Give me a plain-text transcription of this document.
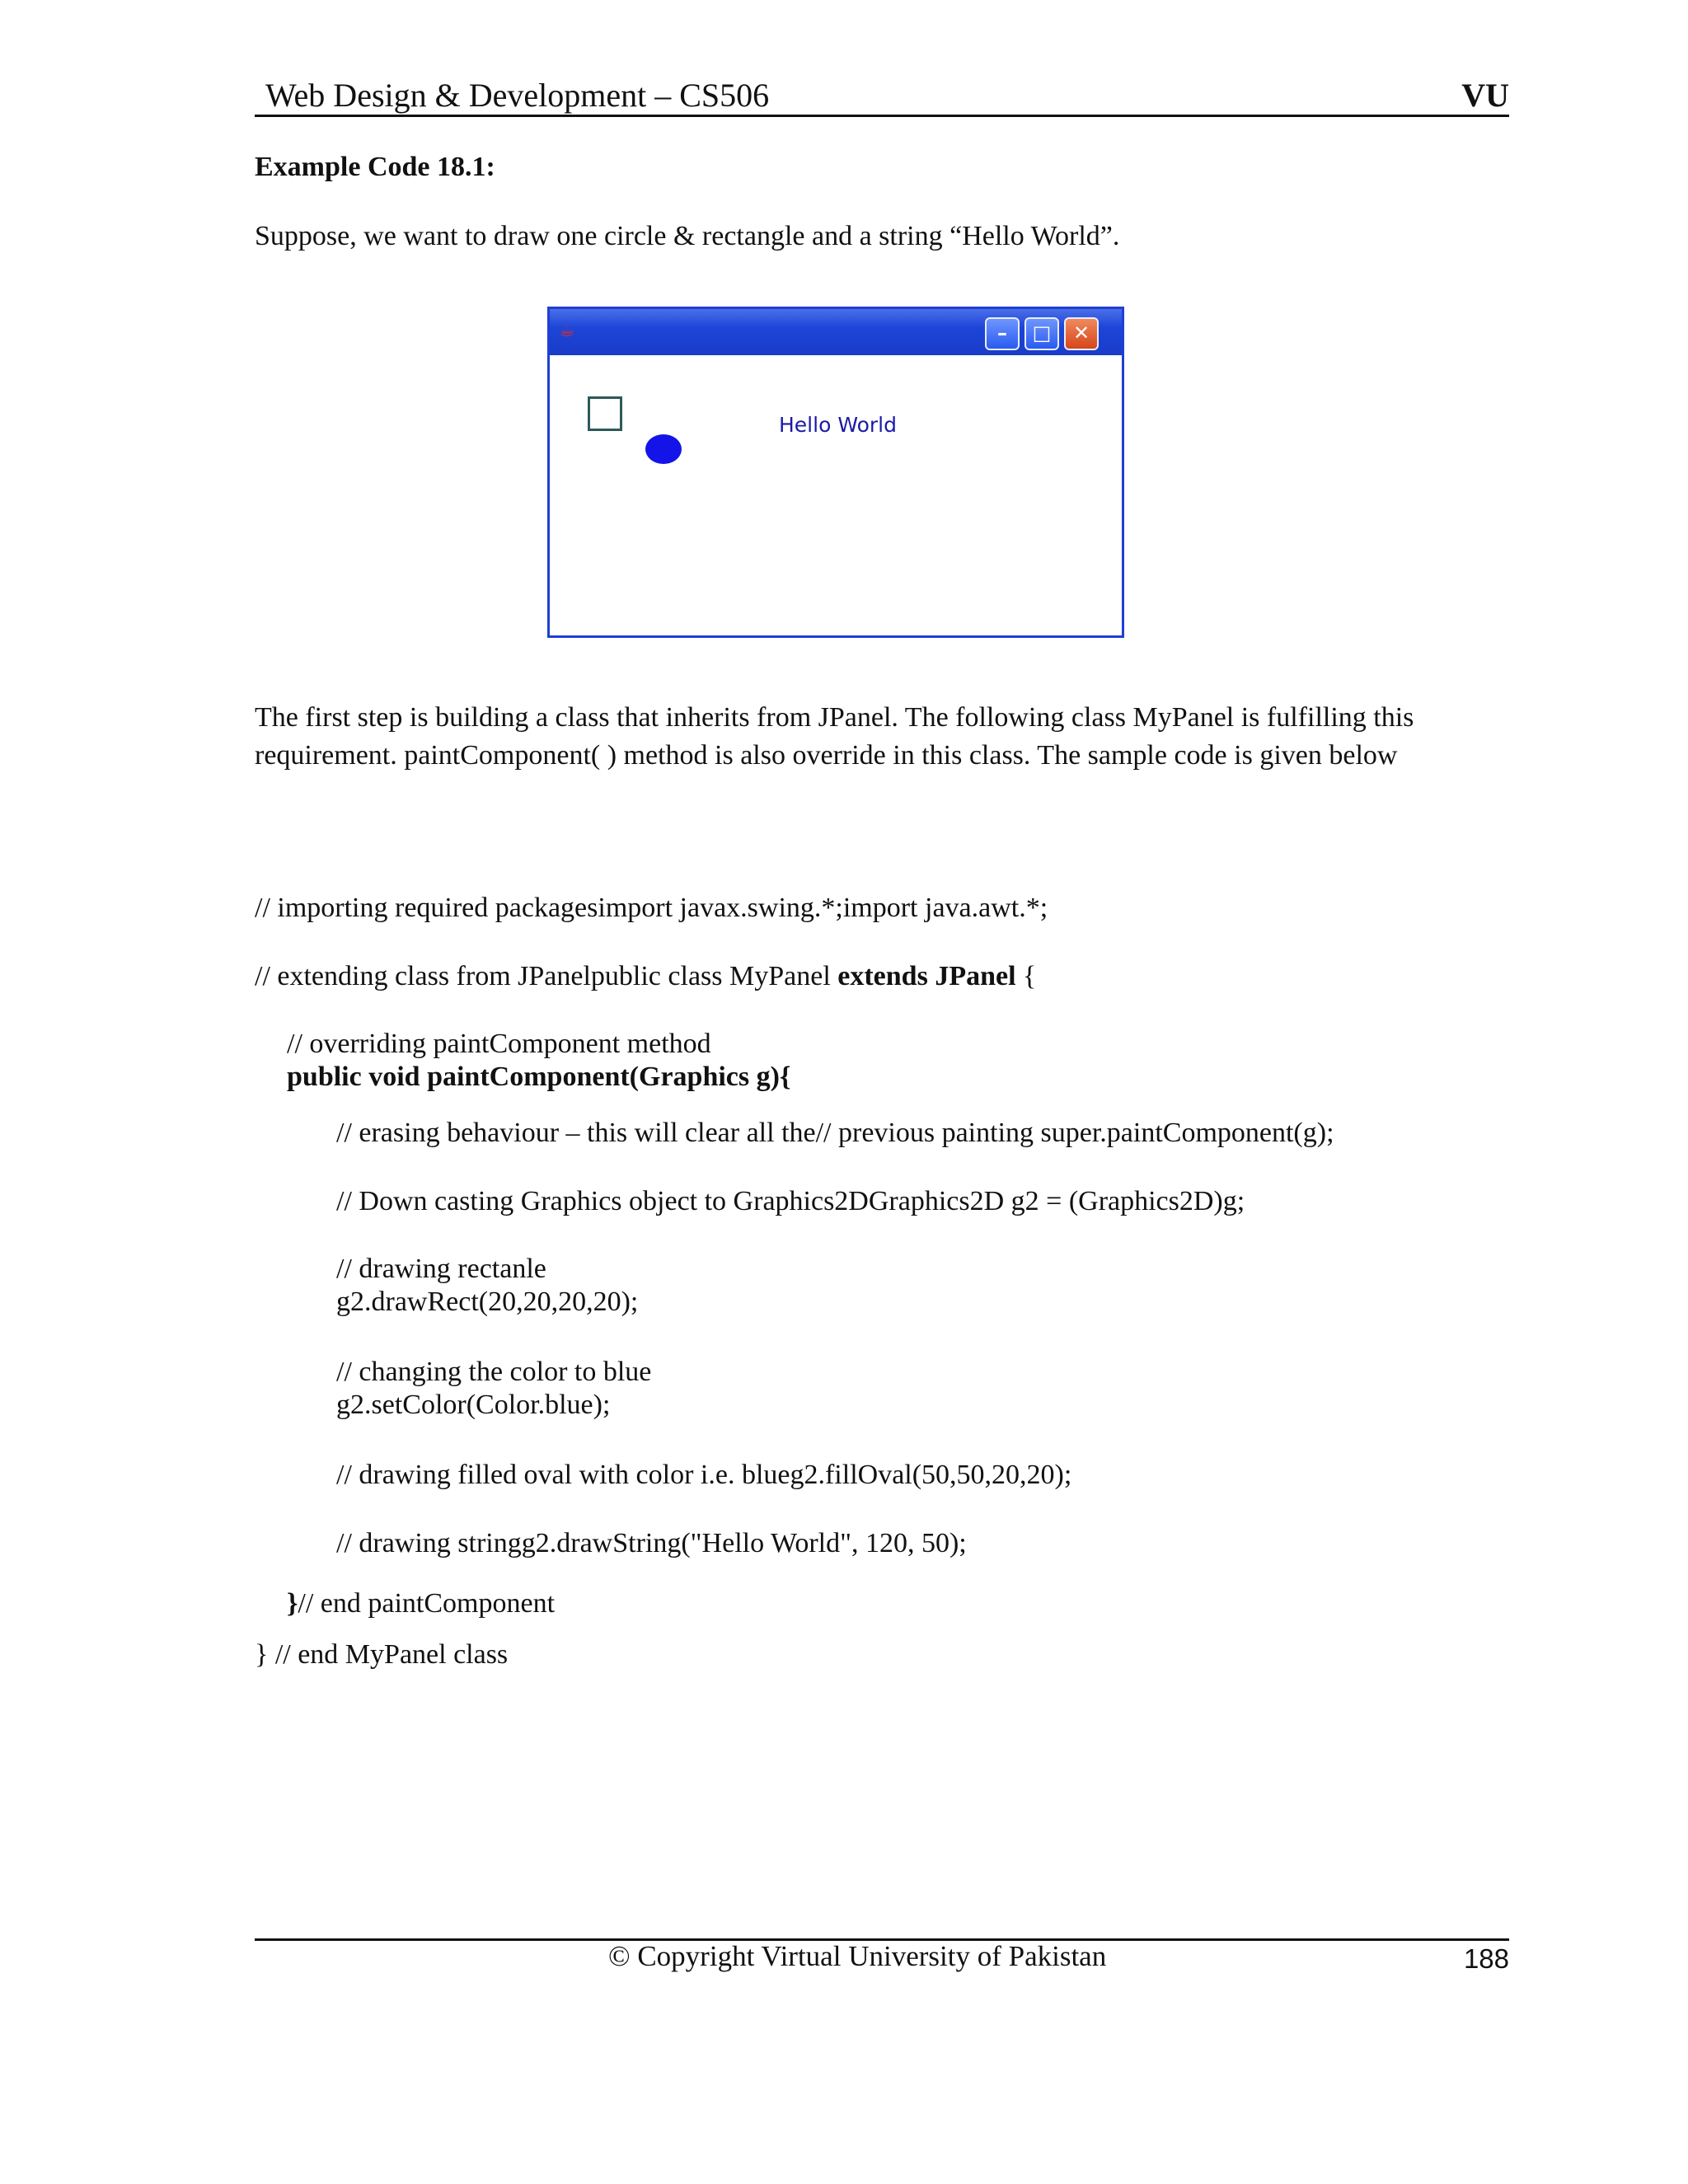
Web Design & Development – CS506	VU
Example Code 18.1:
Suppose, we want to draw one circle & rectangle and a string “Hello World”.
☕	–	□	✕
Hello World
The first step is building a class that inherits from JPanel. The following class MyPanel is fulfilling this requirement. paintComponent( ) method is also override in this class. The sample code is given below
// importing required packagesimport javax.swing.*;import java.awt.*;
// extending class from JPanelpublic class MyPanel extends JPanel {
// overriding paintComponent method
public void paintComponent(Graphics g){
// erasing behaviour – this will clear all the// previous painting super.paintComponent(g);
// Down casting Graphics object to Graphics2DGraphics2D g2 = (Graphics2D)g;
// drawing rectanle
g2.drawRect(20,20,20,20);
// changing the color to blue
g2.setColor(Color.blue);
// drawing filled oval with color i.e. blueg2.fillOval(50,50,20,20);
// drawing stringg2.drawString("Hello World", 120, 50);
}// end paintComponent
} // end MyPanel class
© Copyright Virtual University of Pakistan	188
